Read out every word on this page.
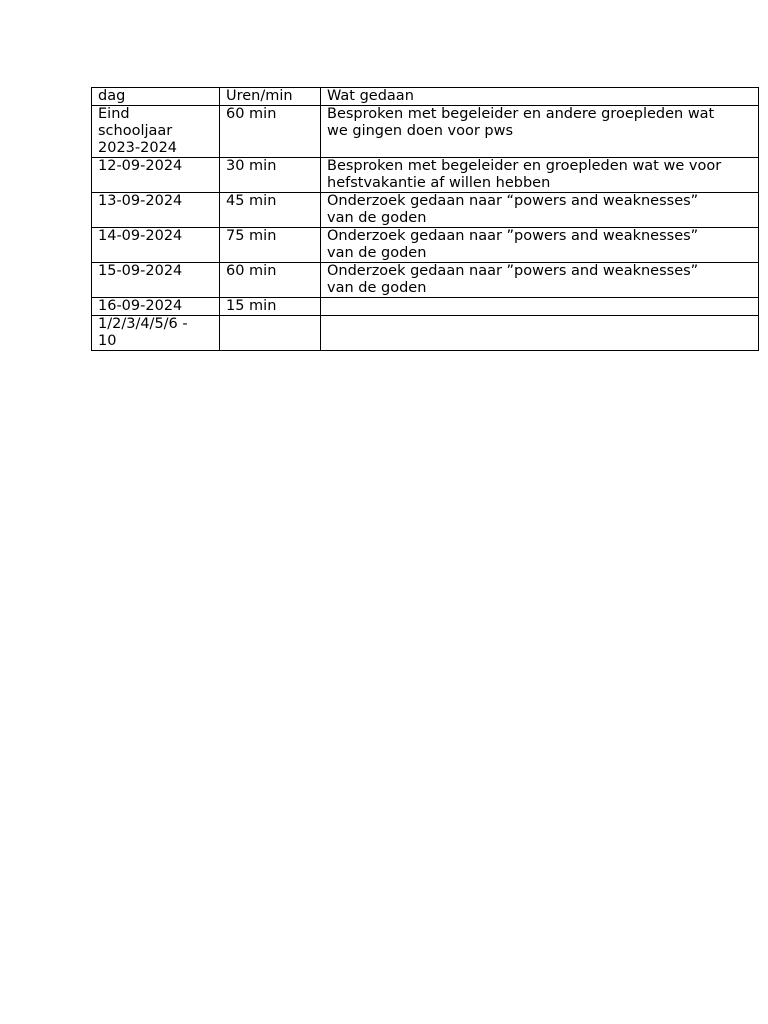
dag	Uren/min	Wat gedaan

Eind
schooljaar
2023-2024	60 min	Besproken met begeleider en andere groepleden wat
we gingen doen voor pws

12-09-2024	30 min	Besproken met begeleider en groepleden wat we voor
hefstvakantie af willen hebben

13-09-2024	45 min	Onderzoek gedaan naar “powers and weaknesses”
van de goden

14-09-2024	75 min	Onderzoek gedaan naar ”powers and weaknesses”
van de goden

15-09-2024	60 min	Onderzoek gedaan naar ”powers and weaknesses”
van de goden

16-09-2024	15 min	

1/2/3/4/5/6 -
10		
